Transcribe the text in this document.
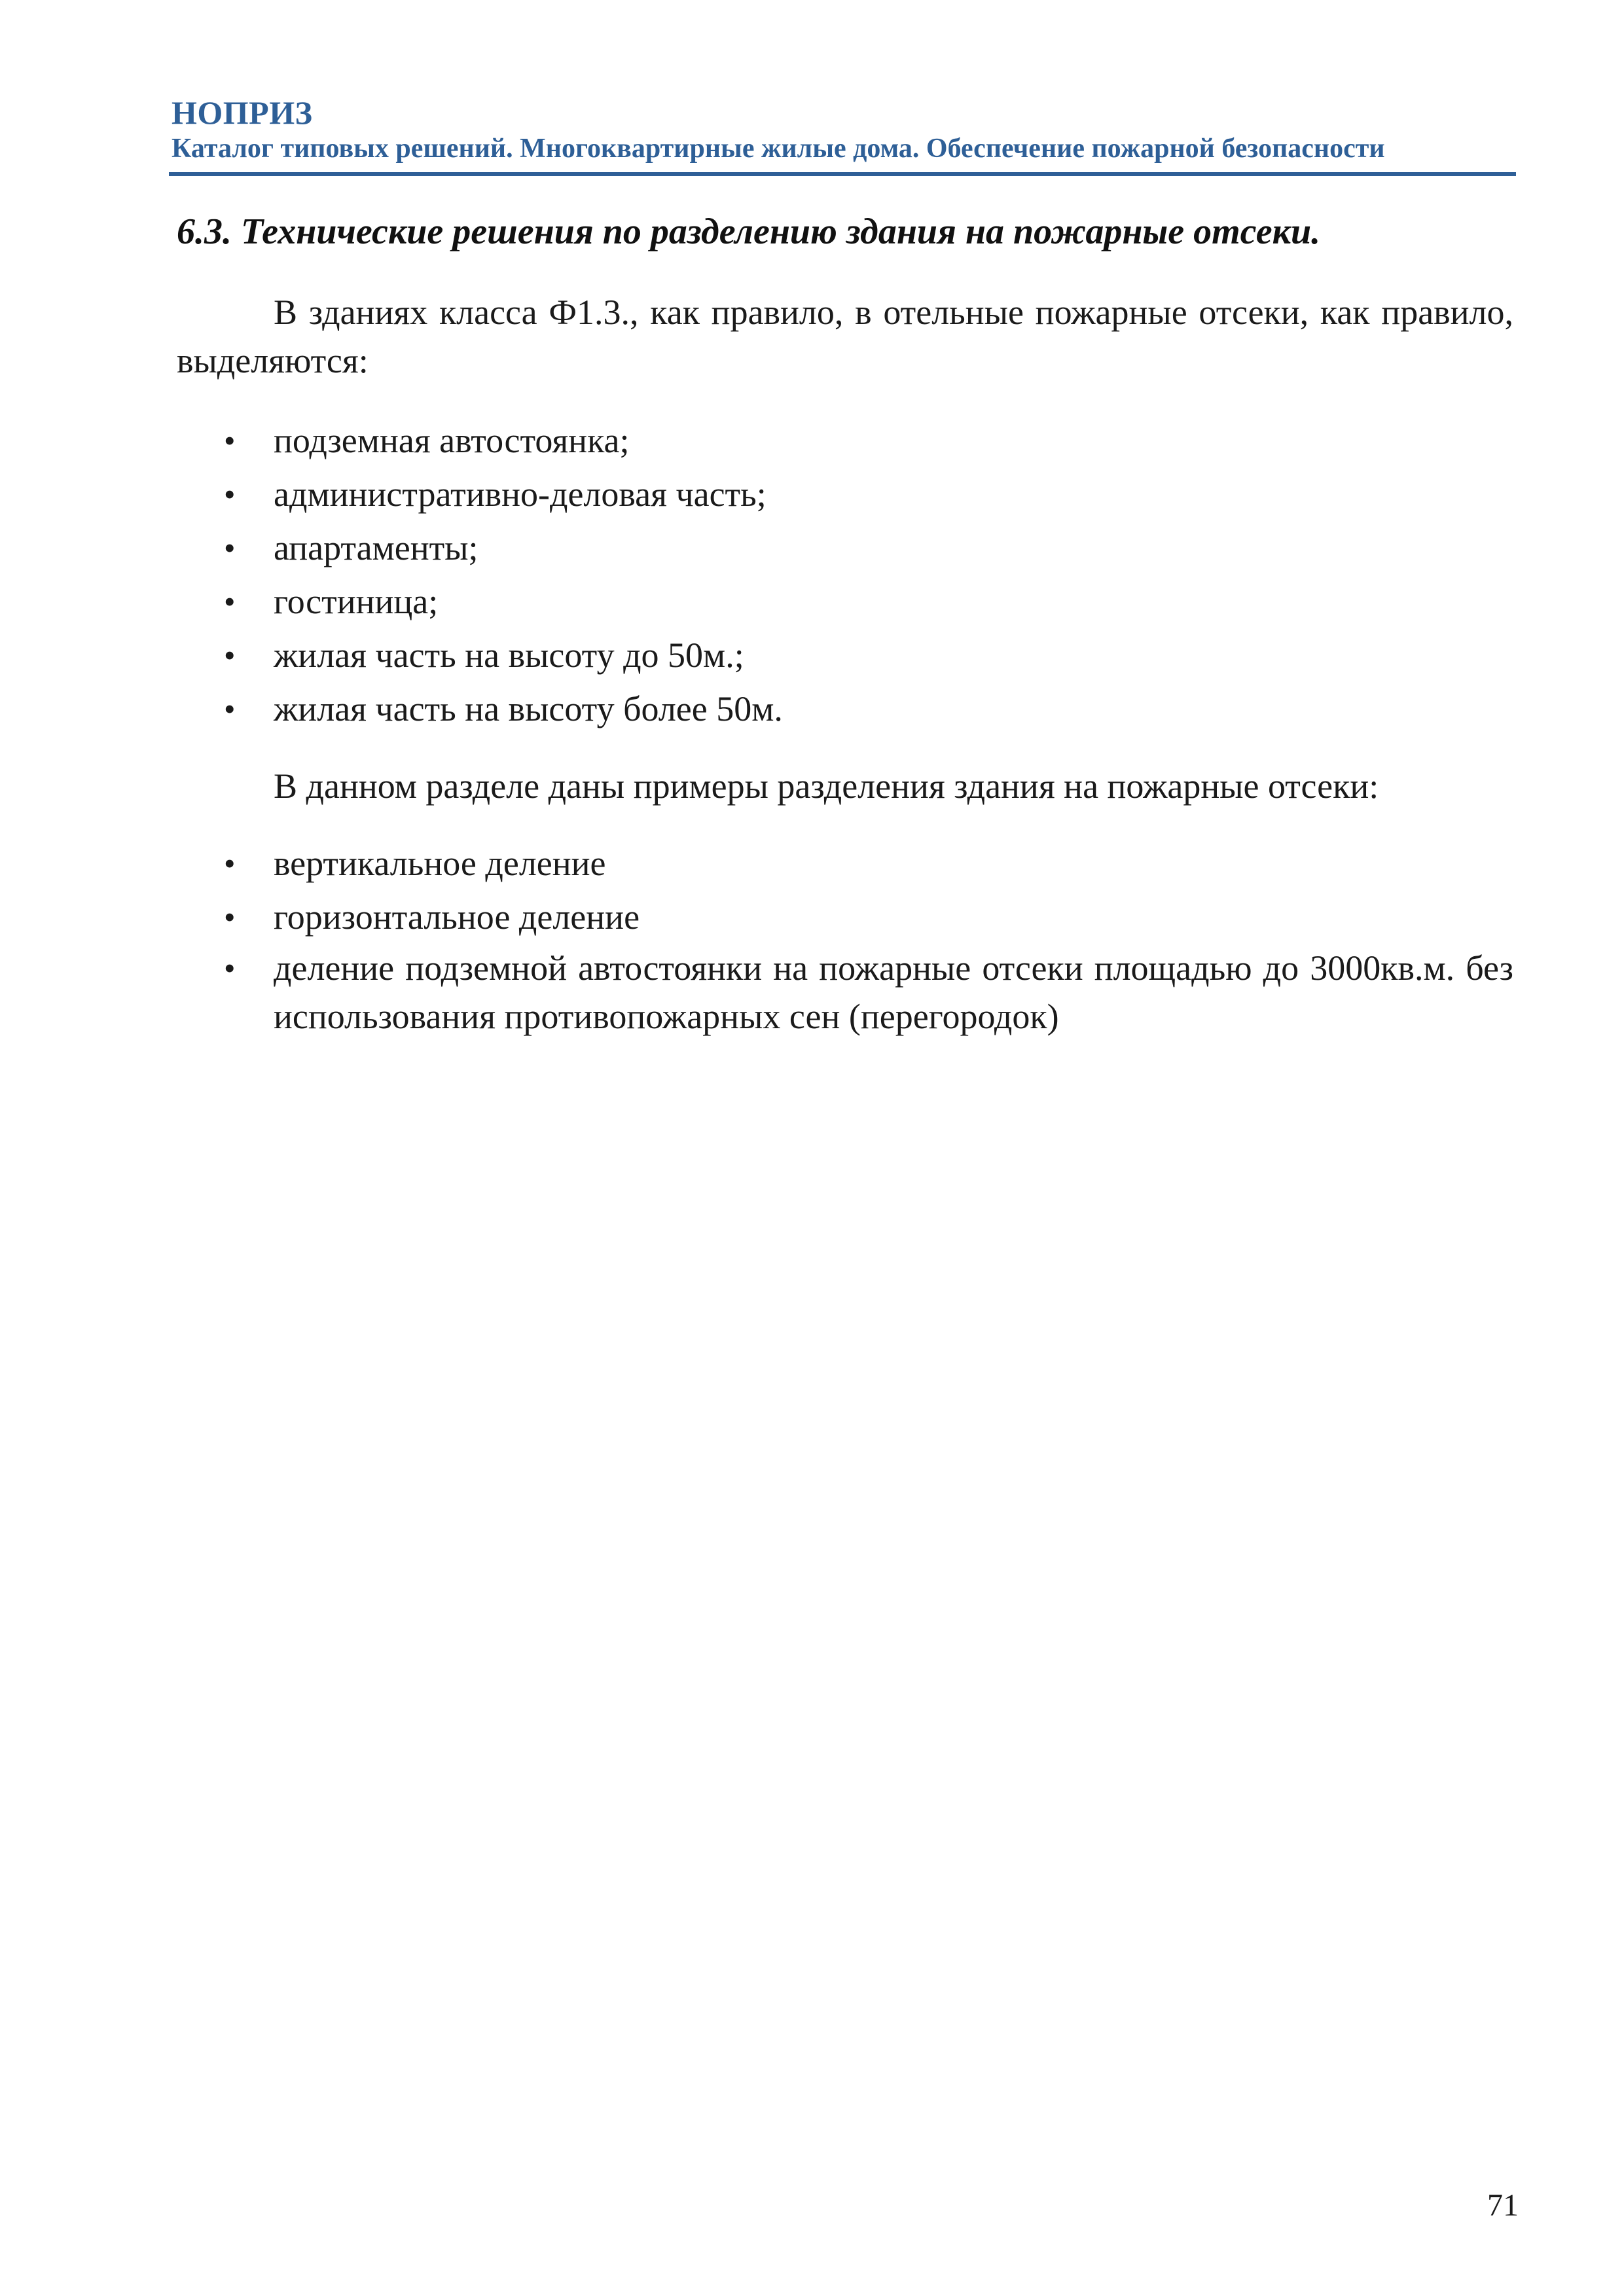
НОПРИЗ
Каталог типовых решений. Многоквартирные жилые дома. Обеспечение пожарной безопасности
6.3. Технические решения по разделению здания на пожарные отсеки.

В зданиях класса Ф1.3., как правило, в отельные пожарные отсеки, как правило, выделяются:

• подземная автостоянка;
• административно-деловая часть;
• апартаменты;
• гостиница;
• жилая часть на высоту до 50м.;
• жилая часть на высоту более 50м.

В данном разделе даны примеры разделения здания на пожарные отсеки:

• вертикальное деление
• горизонтальное деление
• деление подземной автостоянки на пожарные отсеки площадью до 3000кв.м. без использования противопожарных сен (перегородок)
71
